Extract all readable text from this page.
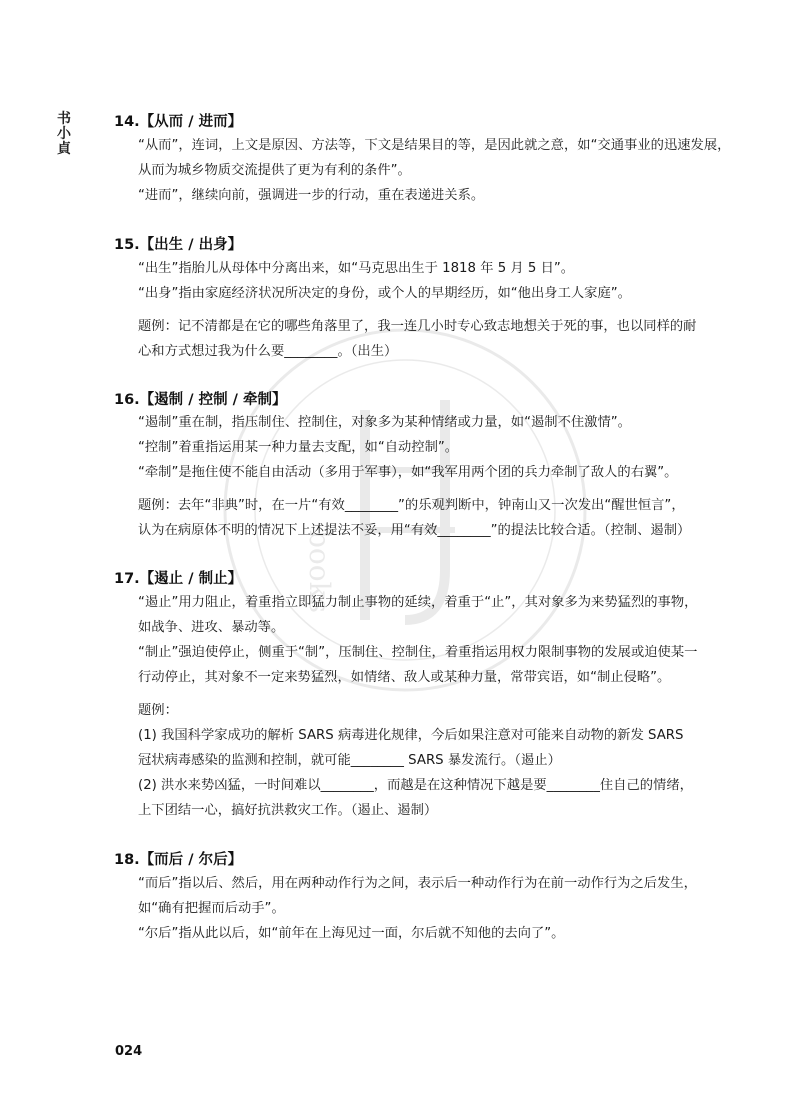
书
小
貞
books
14.【从而 / 进而】
“从而”，连词，上文是原因、方法等，下文是结果目的等，是因此就之意，如“交通事业的迅速发展，
从而为城乡物质交流提供了更为有利的条件”。
“进而”，继续向前，强调进一步的行动，重在表递进关系。
15.【出生 / 出身】
“出生”指胎儿从母体中分离出来，如“马克思出生于 1818 年 5 月 5 日”。
“出身”指由家庭经济状况所决定的身份，或个人的早期经历，如“他出身工人家庭”。
题例：记不清都是在它的哪些角落里了，我一连几小时专心致志地想关于死的事，也以同样的耐
心和方式想过我为什么要________。（出生）
16.【遏制 / 控制 / 牵制】
“遏制”重在制，指压制住、控制住，对象多为某种情绪或力量，如“遏制不住激情”。
“控制”着重指运用某一种力量去支配，如“自动控制”。
“牵制”是拖住使不能自由活动（多用于军事），如“我军用两个团的兵力牵制了敌人的右翼”。
题例：去年“非典”时，在一片“有效________”的乐观判断中，钟南山又一次发出“醒世恒言”，
认为在病原体不明的情况下上述提法不妥，用“有效________”的提法比较合适。（控制、遏制）
17.【遏止 / 制止】
“遏止”用力阻止，着重指立即猛力制止事物的延续，着重于“止”，其对象多为来势猛烈的事物，
如战争、进攻、暴动等。
“制止”强迫使停止，侧重于“制”，压制住、控制住，着重指运用权力限制事物的发展或迫使某一
行动停止，其对象不一定来势猛烈，如情绪、敌人或某种力量，常带宾语，如“制止侵略”。
题例：
(1) 我国科学家成功的解析 SARS 病毒进化规律，今后如果注意对可能来自动物的新发 SARS
冠状病毒感染的监测和控制，就可能________ SARS 暴发流行。（遏止）
(2) 洪水来势凶猛，一时间难以________，而越是在这种情况下越是要________住自己的情绪，
上下团结一心，搞好抗洪救灾工作。（遏止、遏制）
18.【而后 / 尔后】
“而后”指以后、然后，用在两种动作行为之间，表示后一种动作行为在前一动作行为之后发生，
如“确有把握而后动手”。
“尔后”指从此以后，如“前年在上海见过一面，尔后就不知他的去向了”。
024
